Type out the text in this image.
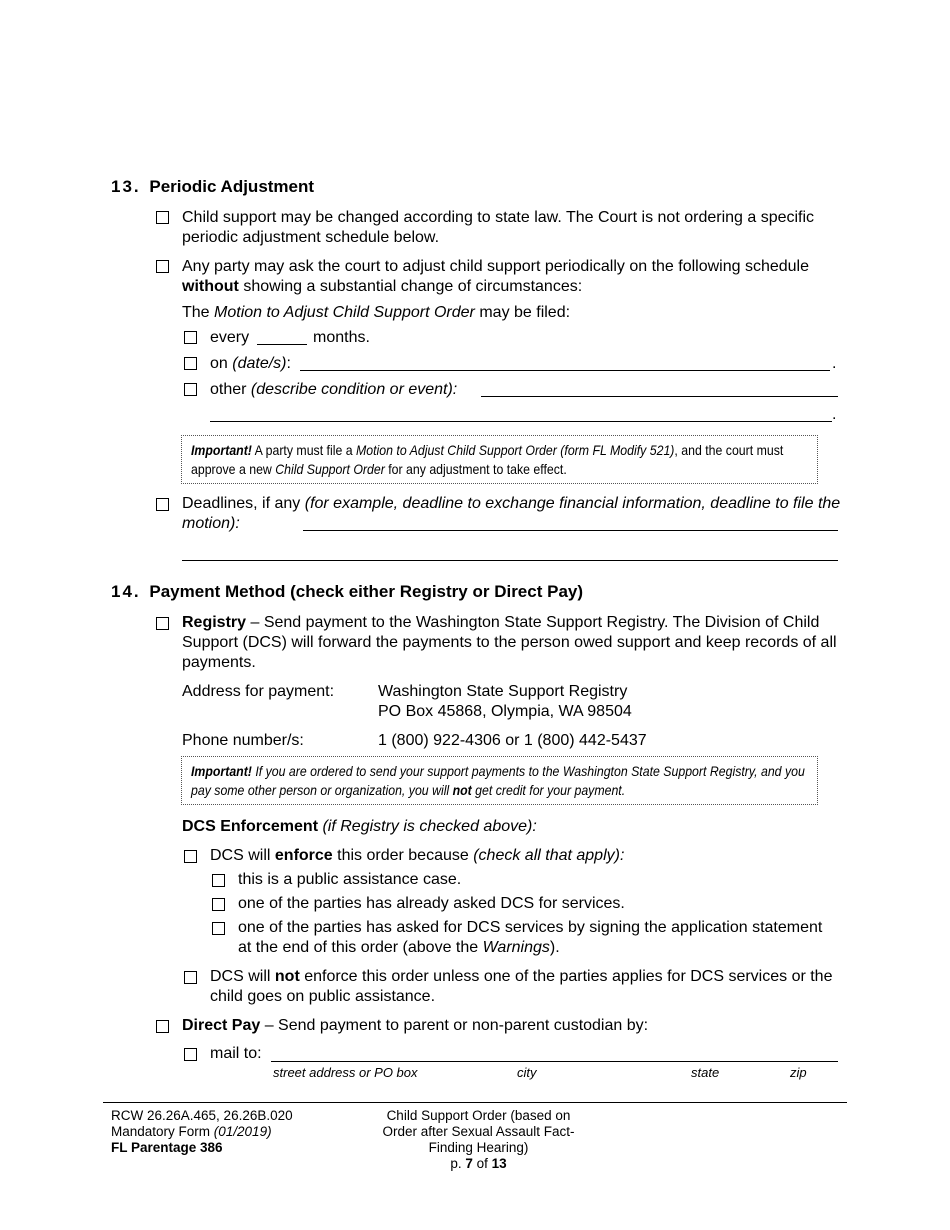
13. Periodic Adjustment
Child support may be changed according to state law. The Court is not ordering a specific periodic adjustment schedule below.
Any party may ask the court to adjust child support periodically on the following schedule without showing a substantial change of circumstances:
The Motion to Adjust Child Support Order may be filed:
every	months.
on (date/s):	.
other (describe condition or event):
.
Important! A party must file a Motion to Adjust Child Support Order (form FL Modify 521), and the court must approve a new Child Support Order for any adjustment to take effect.
Deadlines, if any (for example, deadline to exchange financial information, deadline to file the motion):
14. Payment Method (check either Registry or Direct Pay)
Registry – Send payment to the Washington State Support Registry. The Division of Child Support (DCS) will forward the payments to the person owed support and keep records of all payments.
Address for payment:	Washington State Support Registry
PO Box 45868, Olympia, WA 98504
Phone number/s:	1 (800) 922-4306 or 1 (800) 442-5437
Important! If you are ordered to send your support payments to the Washington State Support Registry, and you pay some other person or organization, you will not get credit for your payment.
DCS Enforcement (if Registry is checked above):
DCS will enforce this order because (check all that apply):
this is a public assistance case.
one of the parties has already asked DCS for services.
one of the parties has asked for DCS services by signing the application statement at the end of this order (above the Warnings).
DCS will not enforce this order unless one of the parties applies for DCS services or the child goes on public assistance.
Direct Pay – Send payment to parent or non-parent custodian by:
mail to:
street address or PO box	city	state	zip
RCW 26.26A.465, 26.26B.020
Mandatory Form (01/2019)
FL Parentage 386
Child Support Order (based on
Order after Sexual Assault Fact-
Finding Hearing)
p. 7 of 13
